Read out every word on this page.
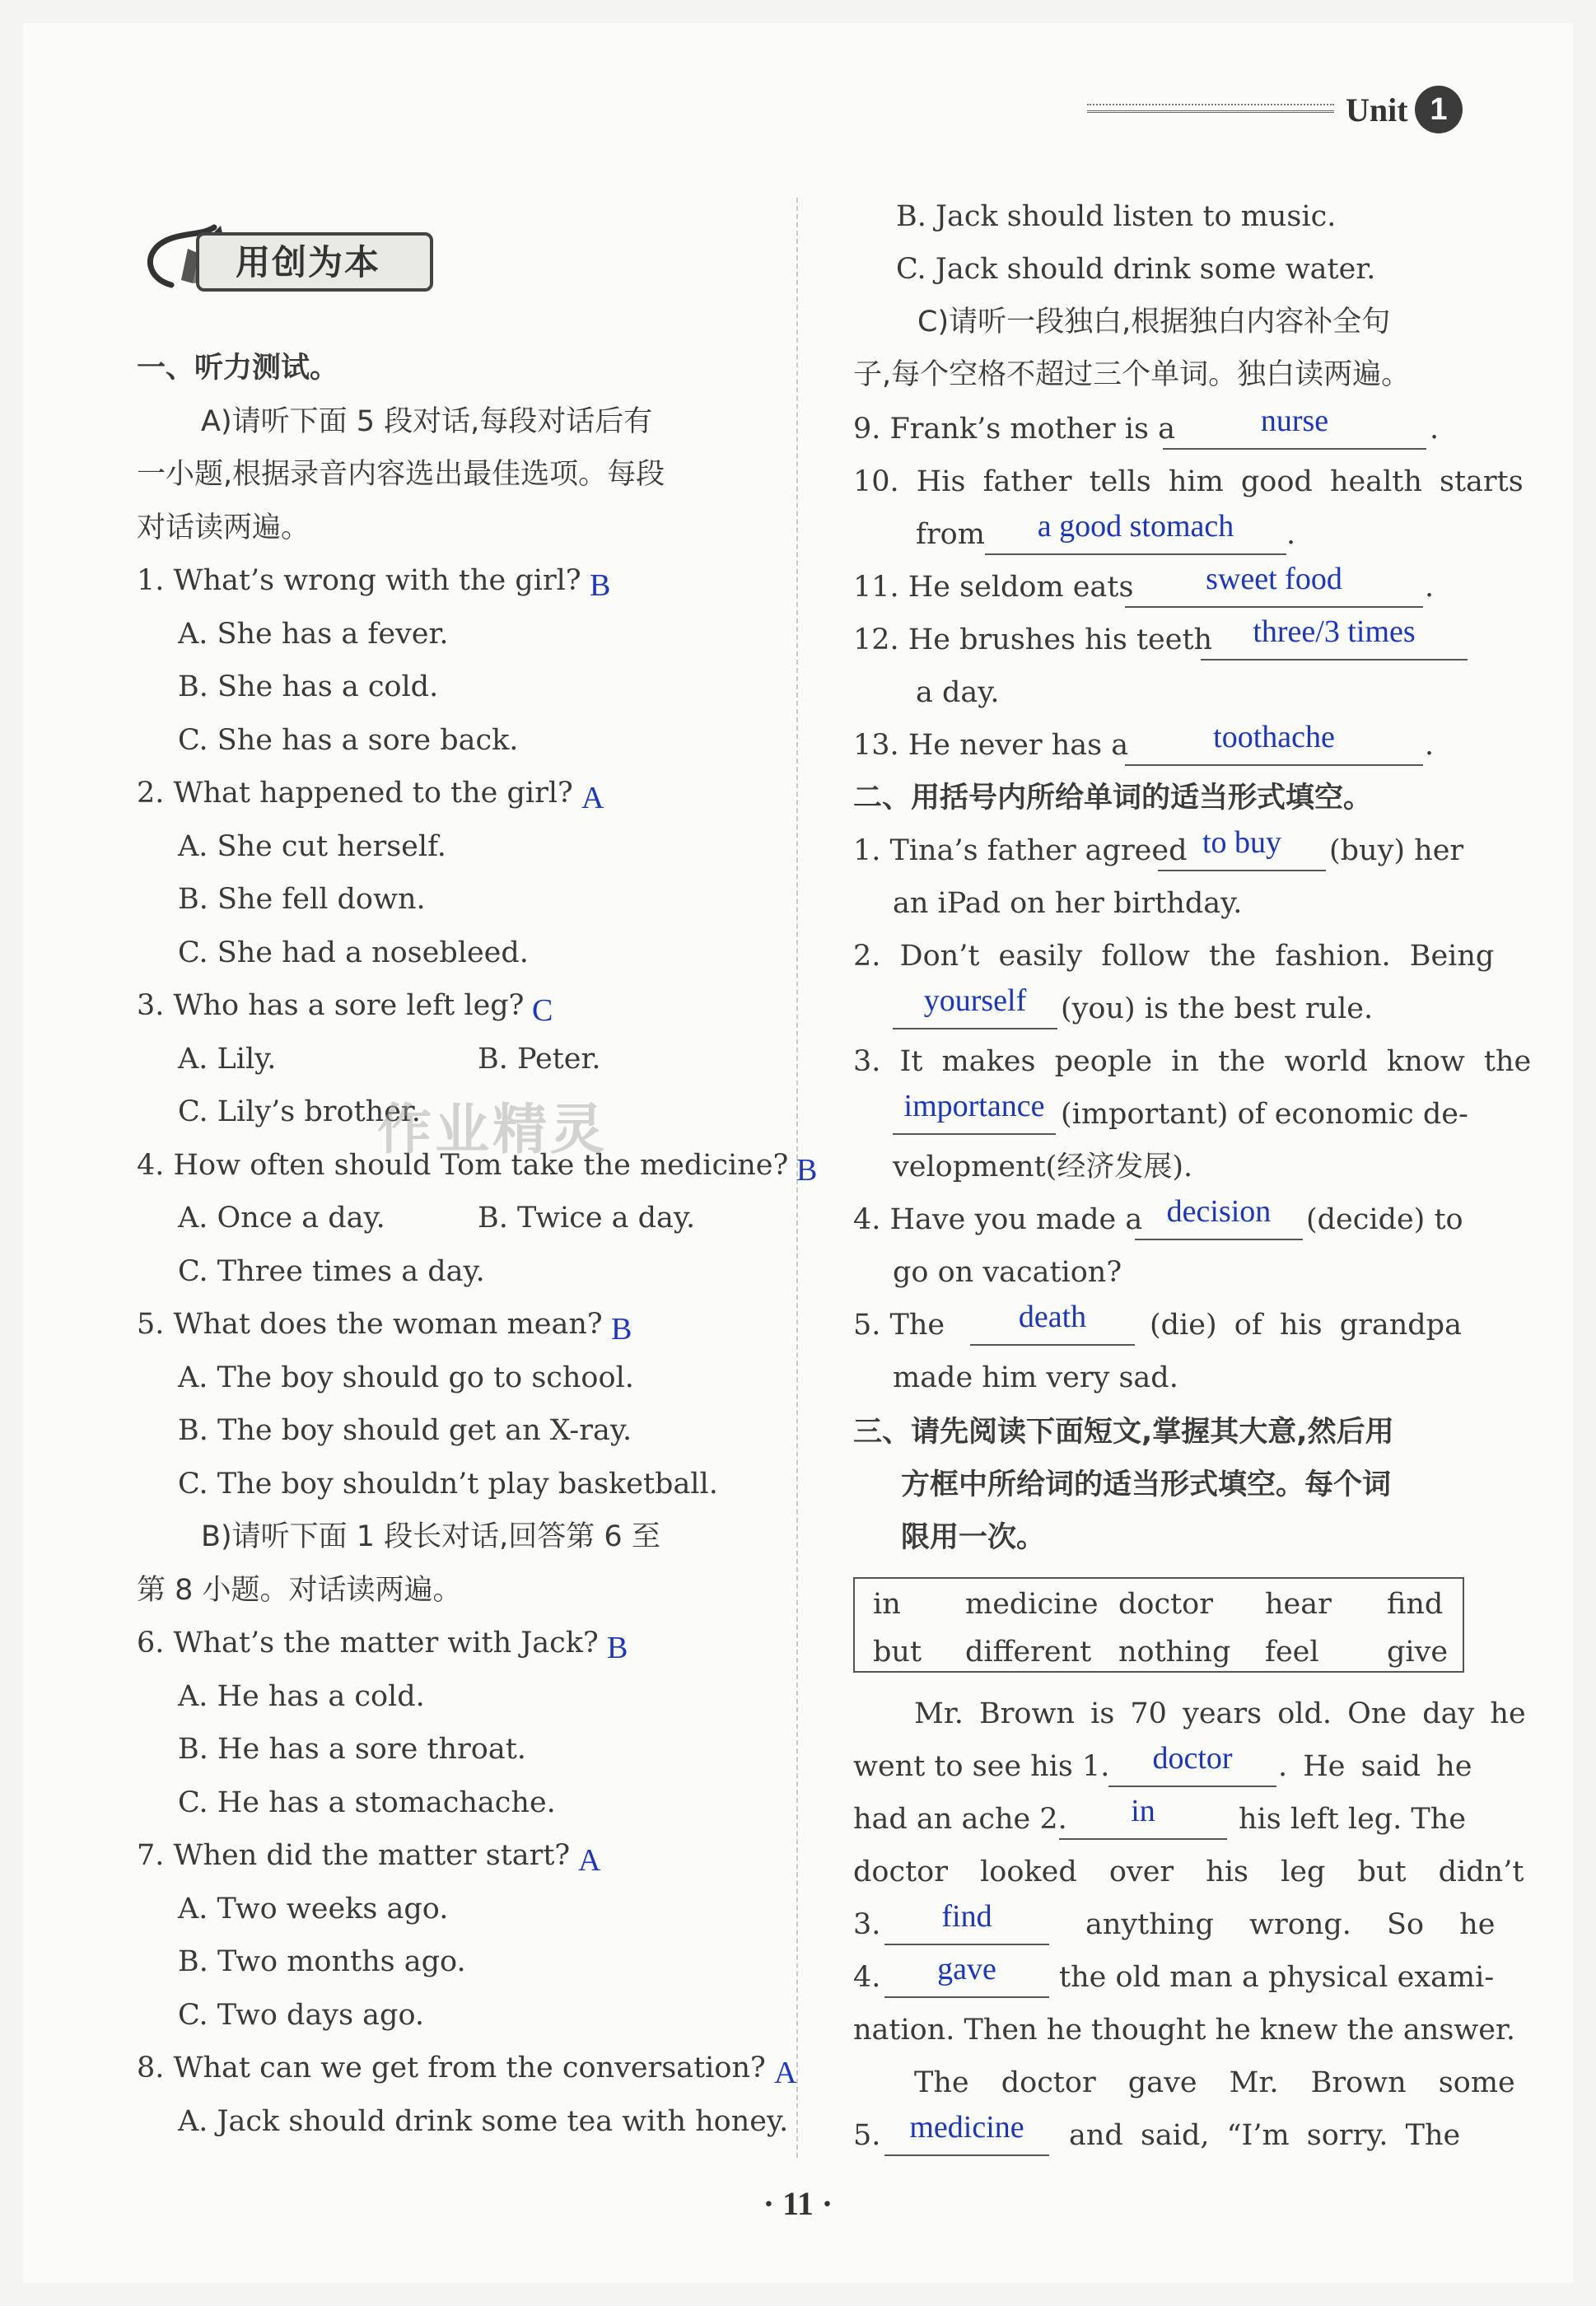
Unit 1
用创为本
一、听力测试。
A)请听下面 5 段对话,每段对话后有
一小题,根据录音内容选出最佳选项。每段
对话读两遍。
1. What’s wrong with the girl? B
A. She has a fever.
B. She has a cold.
C. She has a sore back.
2. What happened to the girl? A
A. She cut herself.
B. She fell down.
C. She had a nosebleed.
3. Who has a sore left leg? C
A. Lily.	B. Peter.
C. Lily’s brother.
4. How often should Tom take the medicine? B
A. Once a day.	B. Twice a day.
C. Three times a day.
5. What does the woman mean? B
A. The boy should go to school.
B. The boy should get an X-ray.
C. The boy shouldn’t play basketball.
B)请听下面 1 段长对话,回答第 6 至
第 8 小题。对话读两遍。
6. What’s the matter with Jack? B
A. He has a cold.
B. He has a sore throat.
C. He has a stomachache.
7. When did the matter start? A
A. Two weeks ago.
B. Two months ago.
C. Two days ago.
8. What can we get from the conversation? A
A. Jack should drink some tea with honey.
B. Jack should listen to music.
C. Jack should drink some water.
C)请听一段独白,根据独白内容补全句
子,每个空格不超过三个单词。独白读两遍。
9. Frank’s mother is a	nurse	.
10. His father tells him good health starts
from	a good stomach	.
11. He seldom eats	sweet food	.
12. He brushes his teeth	three/3 times
a day.
13. He never has a	toothache	.
二、用括号内所给单词的适当形式填空。
1. Tina’s father agreed to buy	(buy) her
an iPad on her birthday.
2. Don’t easily follow the fashion. Being
yourself	(you) is the best rule.
3. It makes people in the world know the
importance (important) of economic de-
velopment(经济发展).
4. Have you made a decision	(decide) to
go on vacation?
5. The	death	(die) of his grandpa
made him very sad.
三、请先阅读下面短文,掌握其大意,然后用
方框中所给词的适当形式填空。每个词
限用一次。
in medicine doctor hear find
but different nothing feel give
Mr. Brown is 70 years old. One day he
went to see his 1.	doctor	. He said he
had an ache 2.	in	his left leg. The
doctor looked over his leg but didn’t
3.	find	anything wrong. So he
4.	gave	the old man a physical exami-
nation. Then he thought he knew the answer.
The doctor gave Mr. Brown some
5. medicine	and said, “I’m sorry. The
作业精灵
· 11 ·
